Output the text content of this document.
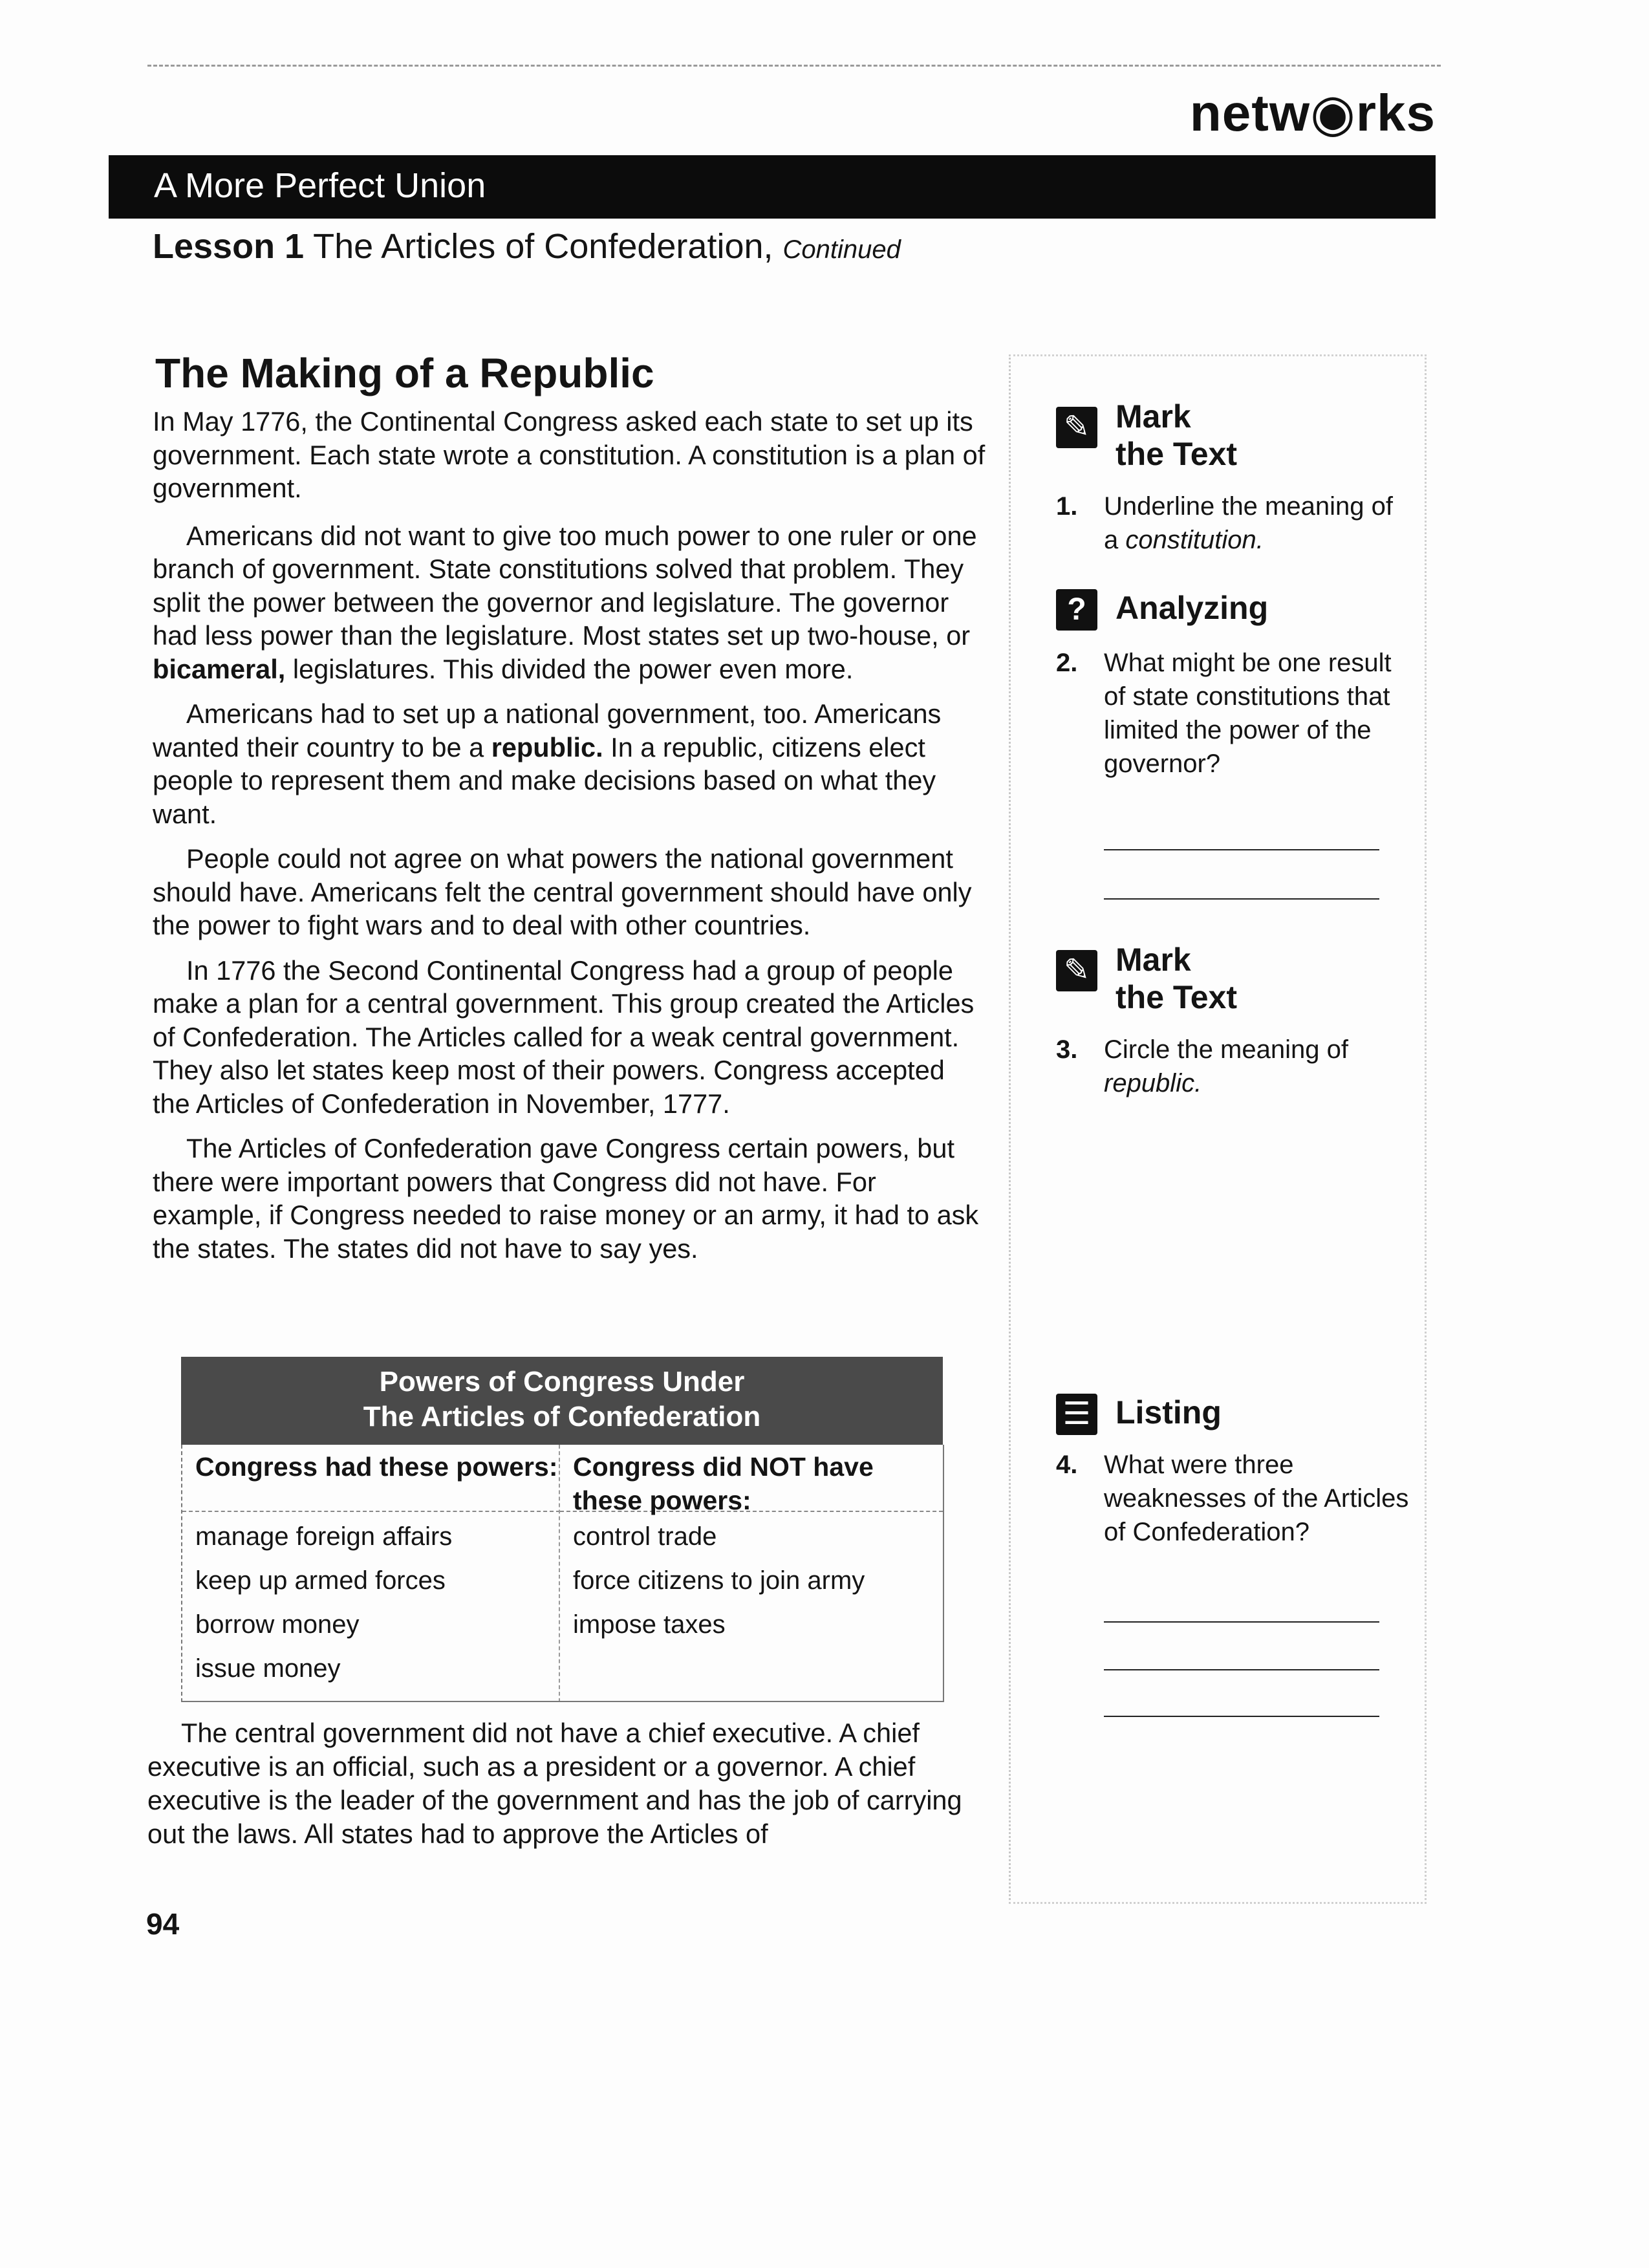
netw◉rks
A More Perfect Union
Lesson 1 The Articles of Confederation, Continued
The Making of a Republic

In May 1776, the Continental Congress asked each state to set up its government. Each state wrote a constitution. A constitution is a plan of government.

Americans did not want to give too much power to one ruler or one branch of government. State constitutions solved that problem. They split the power between the governor and legislature. The governor had less power than the legislature. Most states set up two-house, or bicameral, legislatures. This divided the power even more.

Americans had to set up a national government, too. Americans wanted their country to be a republic. In a republic, citizens elect people to represent them and make decisions based on what they want.

People could not agree on what powers the national government should have. Americans felt the central government should have only the power to fight wars and to deal with other countries.

In 1776 the Second Continental Congress had a group of people make a plan for a central government. This group created the Articles of Confederation. The Articles called for a weak central government. They also let states keep most of their powers. Congress accepted the Articles of Confederation in November, 1777.

The Articles of Confederation gave Congress certain powers, but there were important powers that Congress did not have. For example, if Congress needed to raise money or an army, it had to ask the states. The states did not have to say yes.

Powers of Congress Under
The Articles of Confederation
Congress had these powers:
manage foreign affairs
keep up armed forces
borrow money
issue money
Congress did NOT have these powers:
control trade
force citizens to join army
impose taxes

The central government did not have a chief executive. A chief executive is an official, such as a president or a governor. A chief executive is the leader of the government and has the job of carrying out the laws. All states had to approve the Articles of

94
✎ Mark
the Text
1. Underline the meaning of a constitution.
? Analyzing
2. What might be one result of state constitutions that limited the power of the governor?
✎ Mark
the Text
3. Circle the meaning of republic.
☰ Listing
4. What were three weaknesses of the Articles of Confederation?
